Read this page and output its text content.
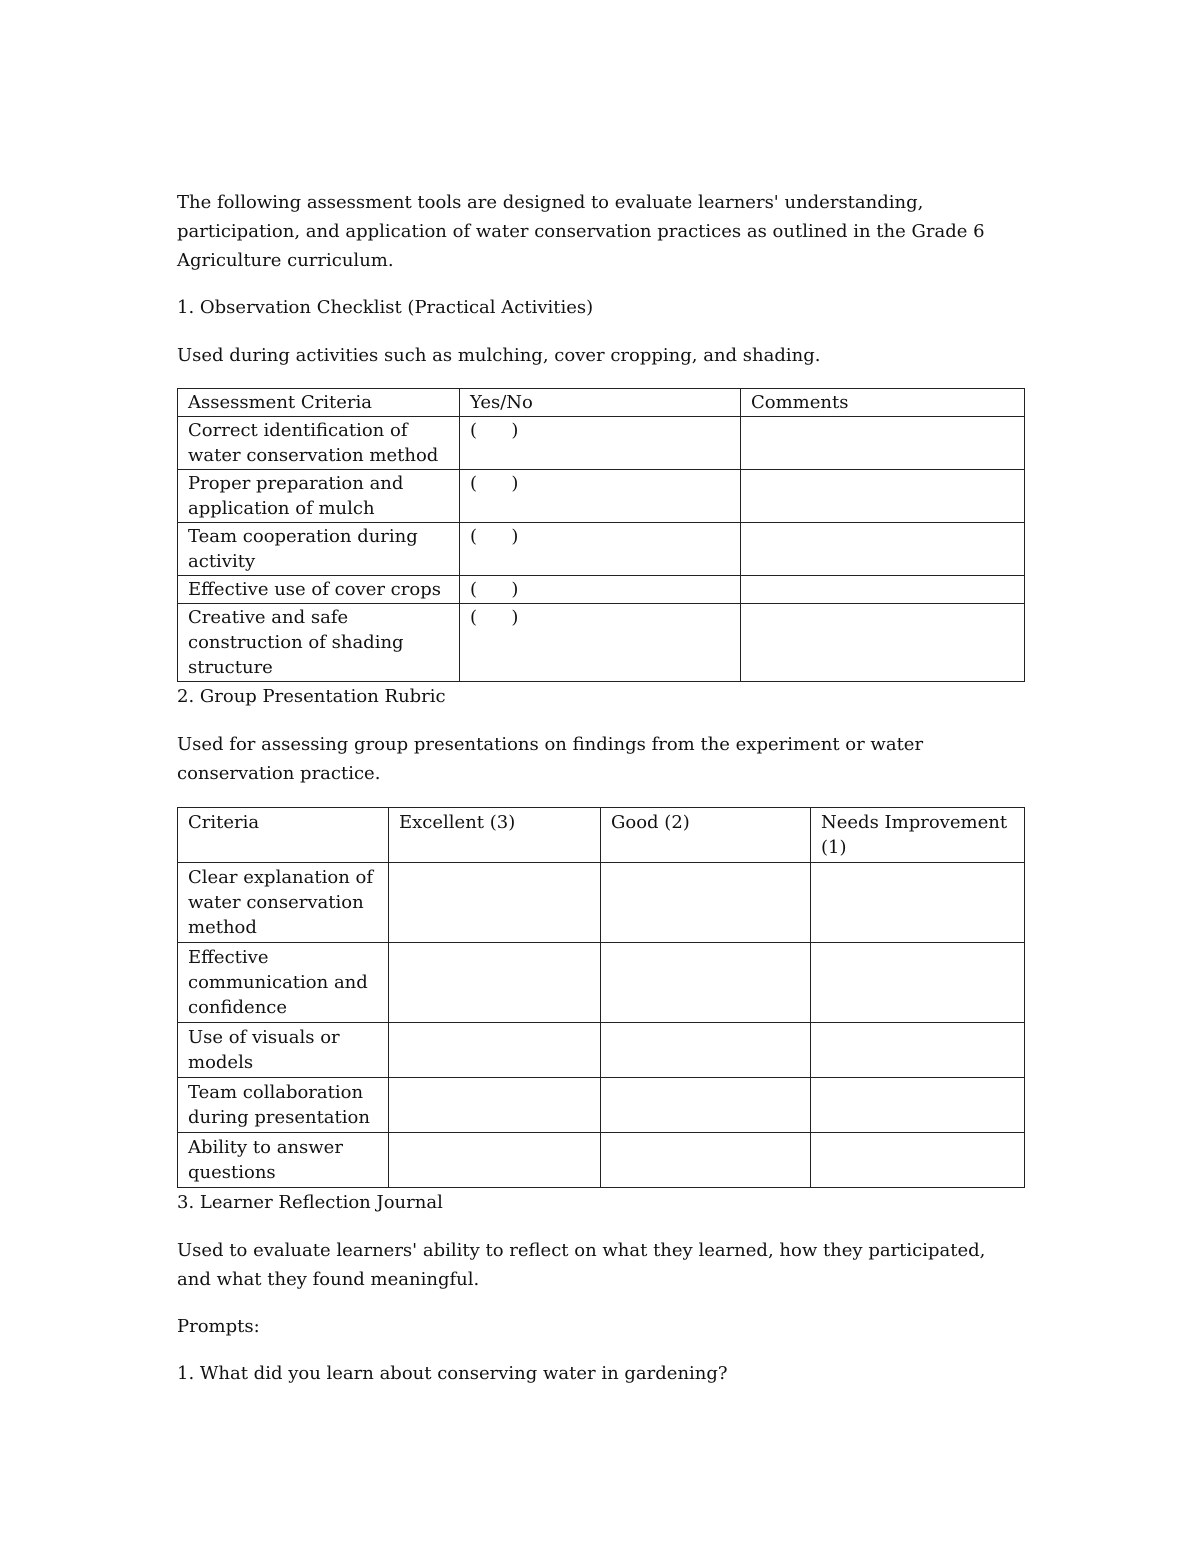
The following assessment tools are designed to evaluate learners' understanding, participation, and application of water conservation practices as outlined in the Grade 6 Agriculture curriculum.

1. Observation Checklist (Practical Activities)

Used during activities such as mulching, cover cropping, and shading.

Assessment Criteria	Yes/No	Comments
Correct identification of water conservation method	(      )	
Proper preparation and application of mulch	(      )	
Team cooperation during activity	(      )	
Effective use of cover crops	(      )	
Creative and safe construction of shading structure	(      )	

2. Group Presentation Rubric

Used for assessing group presentations on findings from the experiment or water conservation practice.

Criteria	Excellent (3)	Good (2)	Needs Improvement (1)
Clear explanation of water conservation method			
Effective communication and confidence			
Use of visuals or models			
Team collaboration during presentation			
Ability to answer questions			

3. Learner Reflection Journal

Used to evaluate learners' ability to reflect on what they learned, how they participated, and what they found meaningful.

Prompts:

1. What did you learn about conserving water in gardening?
